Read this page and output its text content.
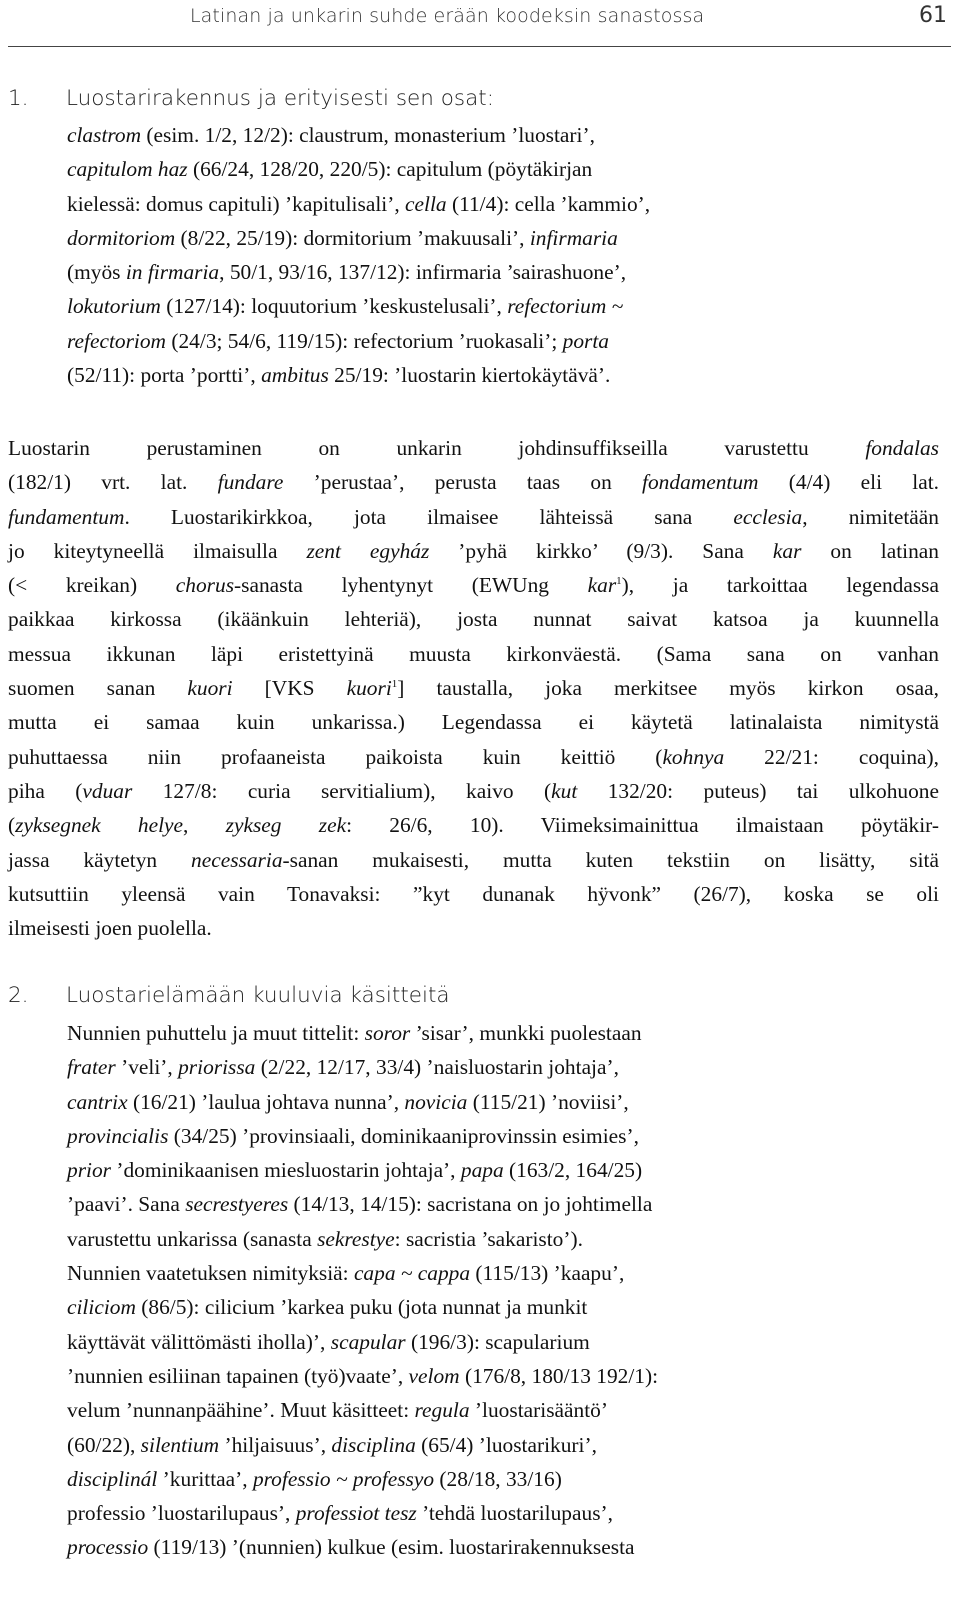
Latinan ja unkarin suhde erään koodeksin sanastossa	61
1. Luostarirakennus ja erityisesti sen osat:
clastrom (esim. 1/2, 12/2): claustrum, monasterium ’luostari’,
capitulom haz (66/24, 128/20, 220/5): capitulum (pöytäkirjan
kielessä: domus capituli) ’kapitulisali’, cella (11/4): cella ’kammio’,
dormitoriom (8/22, 25/19): dormitorium ’makuusali’, infirmaria
(myös in firmaria, 50/1, 93/16, 137/12): infirmaria ’sairashuone’,
lokutorium (127/14): loquutorium ’keskustelusali’, refectorium ~
refectoriom (24/3; 54/6, 119/15): refectorium ’ruokasali’; porta
(52/11): porta ’portti’, ambitus 25/19: ’luostarin kiertokäytävä’.
Luostarin perustaminen on unkarin johdinsuffikseilla varustettu fondalas
(182/1) vrt. lat. fundare ’perustaa’, perusta taas on fondamentum (4/4) eli lat.
fundamentum. Luostarikirkkoa, jota ilmaisee lähteissä sana ecclesia, nimitetään
jo kiteytyneellä ilmaisulla zent egyház ’pyhä kirkko’ (9/3). Sana kar on latinan
(< kreikan) chorus-sanasta lyhentynyt (EWUng kar$^1$), ja tarkoittaa legendassa
paikkaa kirkossa (ikäänkuin lehteriä), josta nunnat saivat katsoa ja kuunnella
messua ikkunan läpi eristettyinä muusta kirkonväestä. (Sama sana on vanhan
suomen sanan kuori [VKS kuori$^1$] taustalla, joka merkitsee myös kirkon osaa,
mutta ei samaa kuin unkarissa.) Legendassa ei käytetä latinalaista nimitystä
puhuttaessa niin profaaneista paikoista kuin keittiö (kohnya 22/21: coquina),
piha (vduar 127/8: curia servitialium), kaivo (kut 132/20: puteus) tai ulkohuone
(zyksegnek helye, zykseg zek: 26/6, 10). Viimeksimainittua ilmaistaan pöytäkir-
jassa käytetyn necessaria-sanan mukaisesti, mutta kuten tekstiin on lisätty, sitä
kutsuttiin yleensä vain Tonavaksi: ”kyt dunanak hÿvonk” (26/7), koska se oli
ilmeisesti joen puolella.
2. Luostarielämään kuuluvia käsitteitä
Nunnien puhuttelu ja muut tittelit: soror ’sisar’, munkki puolestaan
frater ’veli’, priorissa (2/22, 12/17, 33/4) ’naisluostarin johtaja’,
cantrix (16/21) ’laulua johtava nunna’, novicia (115/21) ’noviisi’,
provincialis (34/25) ’provinsiaali, dominikaaniprovinssin esimies’,
prior ’dominikaanisen miesluostarin johtaja’, papa (163/2, 164/25)
’paavi’. Sana secrestyeres (14/13, 14/15): sacristana on jo johtimella
varustettu unkarissa (sanasta sekrestye: sacristia ’sakaristo’).
Nunnien vaatetuksen nimityksiä: capa ~ cappa (115/13) ’kaapu’,
ciliciom (86/5): cilicium ’karkea puku (jota nunnat ja munkit
käyttävät välittömästi iholla)’, scapular (196/3): scapularium
’nunnien esiliinan tapainen (työ)vaate’, velom (176/8, 180/13 192/1):
velum ’nunnanpäähine’. Muut käsitteet: regula ’luostarisääntö’
(60/22), silentium ’hiljaisuus’, disciplina (65/4) ’luostarikuri’,
disciplinál ’kurittaa’, professio ~ professyo (28/18, 33/16)
professio ’luostarilupaus’, professiot tesz ’tehdä luostarilupaus’,
processio (119/13) ’(nunnien) kulkue (esim. luostarirakennuksesta
